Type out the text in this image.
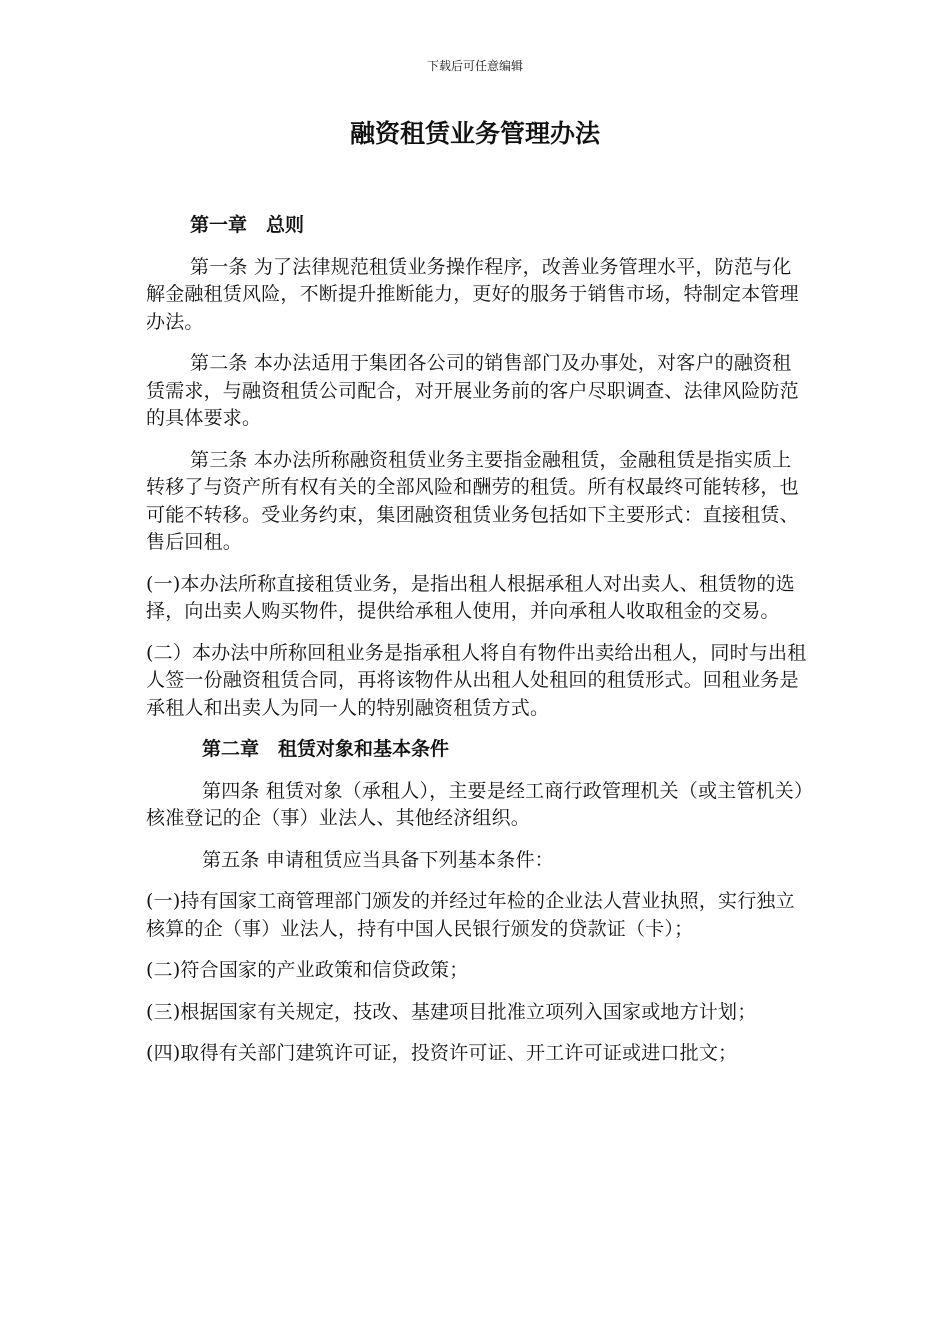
下载后可任意编辑
融资租赁业务管理办法
第一章　总则

第一条 为了法律规范租赁业务操作程序，改善业务管理水平，防范与化解金融租赁风险，不断提升推断能力，更好的服务于销售市场，特制定本管理办法。

第二条 本办法适用于集团各公司的销售部门及办事处，对客户的融资租赁需求，与融资租赁公司配合，对开展业务前的客户尽职调查、法律风险防范的具体要求。

第三条 本办法所称融资租赁业务主要指金融租赁，金融租赁是指实质上转移了与资产所有权有关的全部风险和酬劳的租赁。所有权最终可能转移，也可能不转移。受业务约束，集团融资租赁业务包括如下主要形式：直接租赁、售后回租。

(一)本办法所称直接租赁业务，是指出租人根据承租人对出卖人、租赁物的选择，向出卖人购买物件，提供给承租人使用，并向承租人收取租金的交易。

(二）本办法中所称回租业务是指承租人将自有物件出卖给出租人，同时与出租人签一份融资租赁合同，再将该物件从出租人处租回的租赁形式。回租业务是承租人和出卖人为同一人的特别融资租赁方式。

第二章　租赁对象和基本条件

第四条 租赁对象（承租人），主要是经工商行政管理机关（或主管机关）核准登记的企（事）业法人、其他经济组织。

第五条 申请租赁应当具备下列基本条件：

(一)持有国家工商管理部门颁发的并经过年检的企业法人营业执照，实行独立核算的企（事）业法人，持有中国人民银行颁发的贷款证（卡）；

(二)符合国家的产业政策和信贷政策；

(三)根据国家有关规定，技改、基建项目批准立项列入国家或地方计划；

(四)取得有关部门建筑许可证，投资许可证、开工许可证或进口批文；
